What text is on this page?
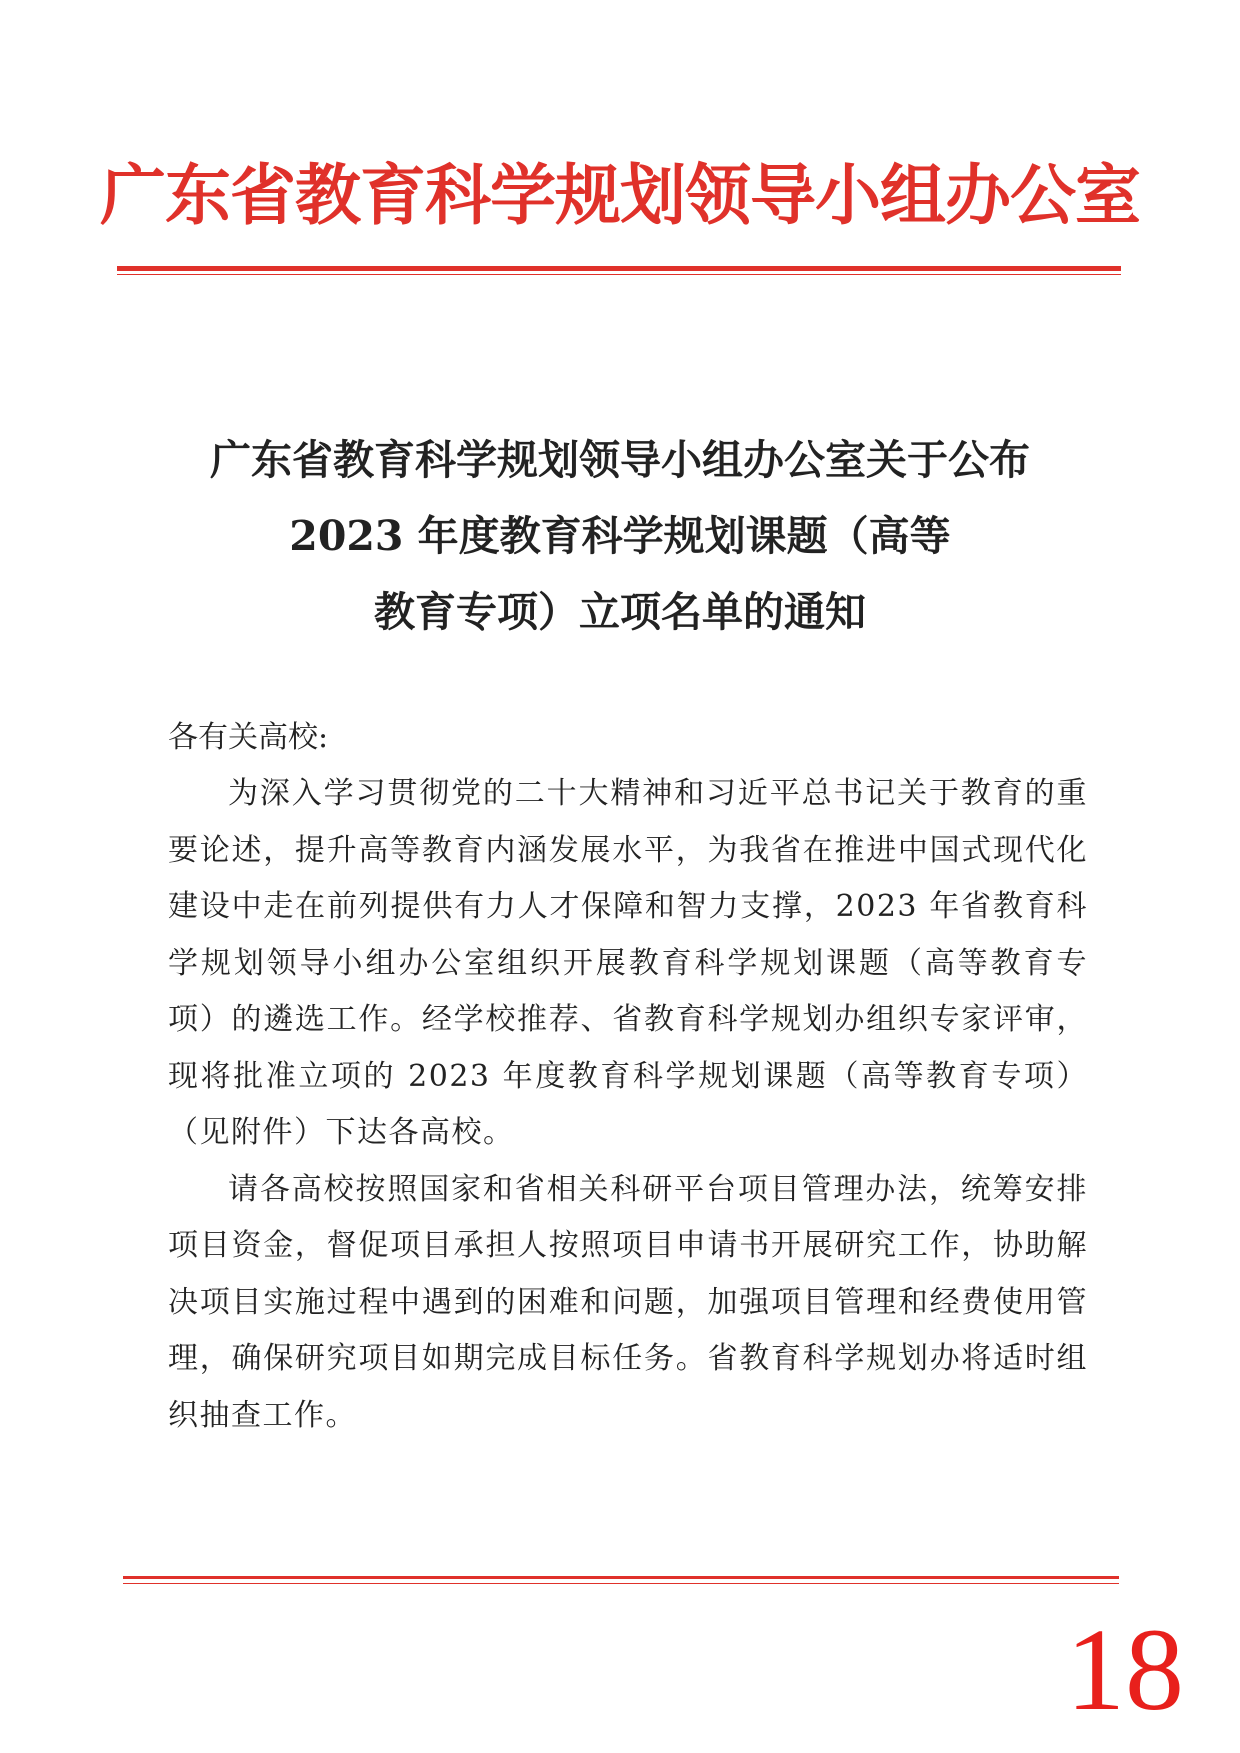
广东省教育科学规划领导小组办公室
广东省教育科学规划领导小组办公室关于公布
2023 年度教育科学规划课题（高等
教育专项）立项名单的通知
各有关高校:

为深入学习贯彻党的二十大精神和习近平总书记关于教育的重要论述，提升高等教育内涵发展水平，为我省在推进中国式现代化建设中走在前列提供有力人才保障和智力支撑，2023 年省教育科学规划领导小组办公室组织开展教育科学规划课题（高等教育专项）的遴选工作。经学校推荐、省教育科学规划办组织专家评审，现将批准立项的 2023 年度教育科学规划课题（高等教育专项）（见附件）下达各高校。

请各高校按照国家和省相关科研平台项目管理办法，统筹安排项目资金，督促项目承担人按照项目申请书开展研究工作，协助解决项目实施过程中遇到的困难和问题，加强项目管理和经费使用管理，确保研究项目如期完成目标任务。省教育科学规划办将适时组织抽查工作。

18
